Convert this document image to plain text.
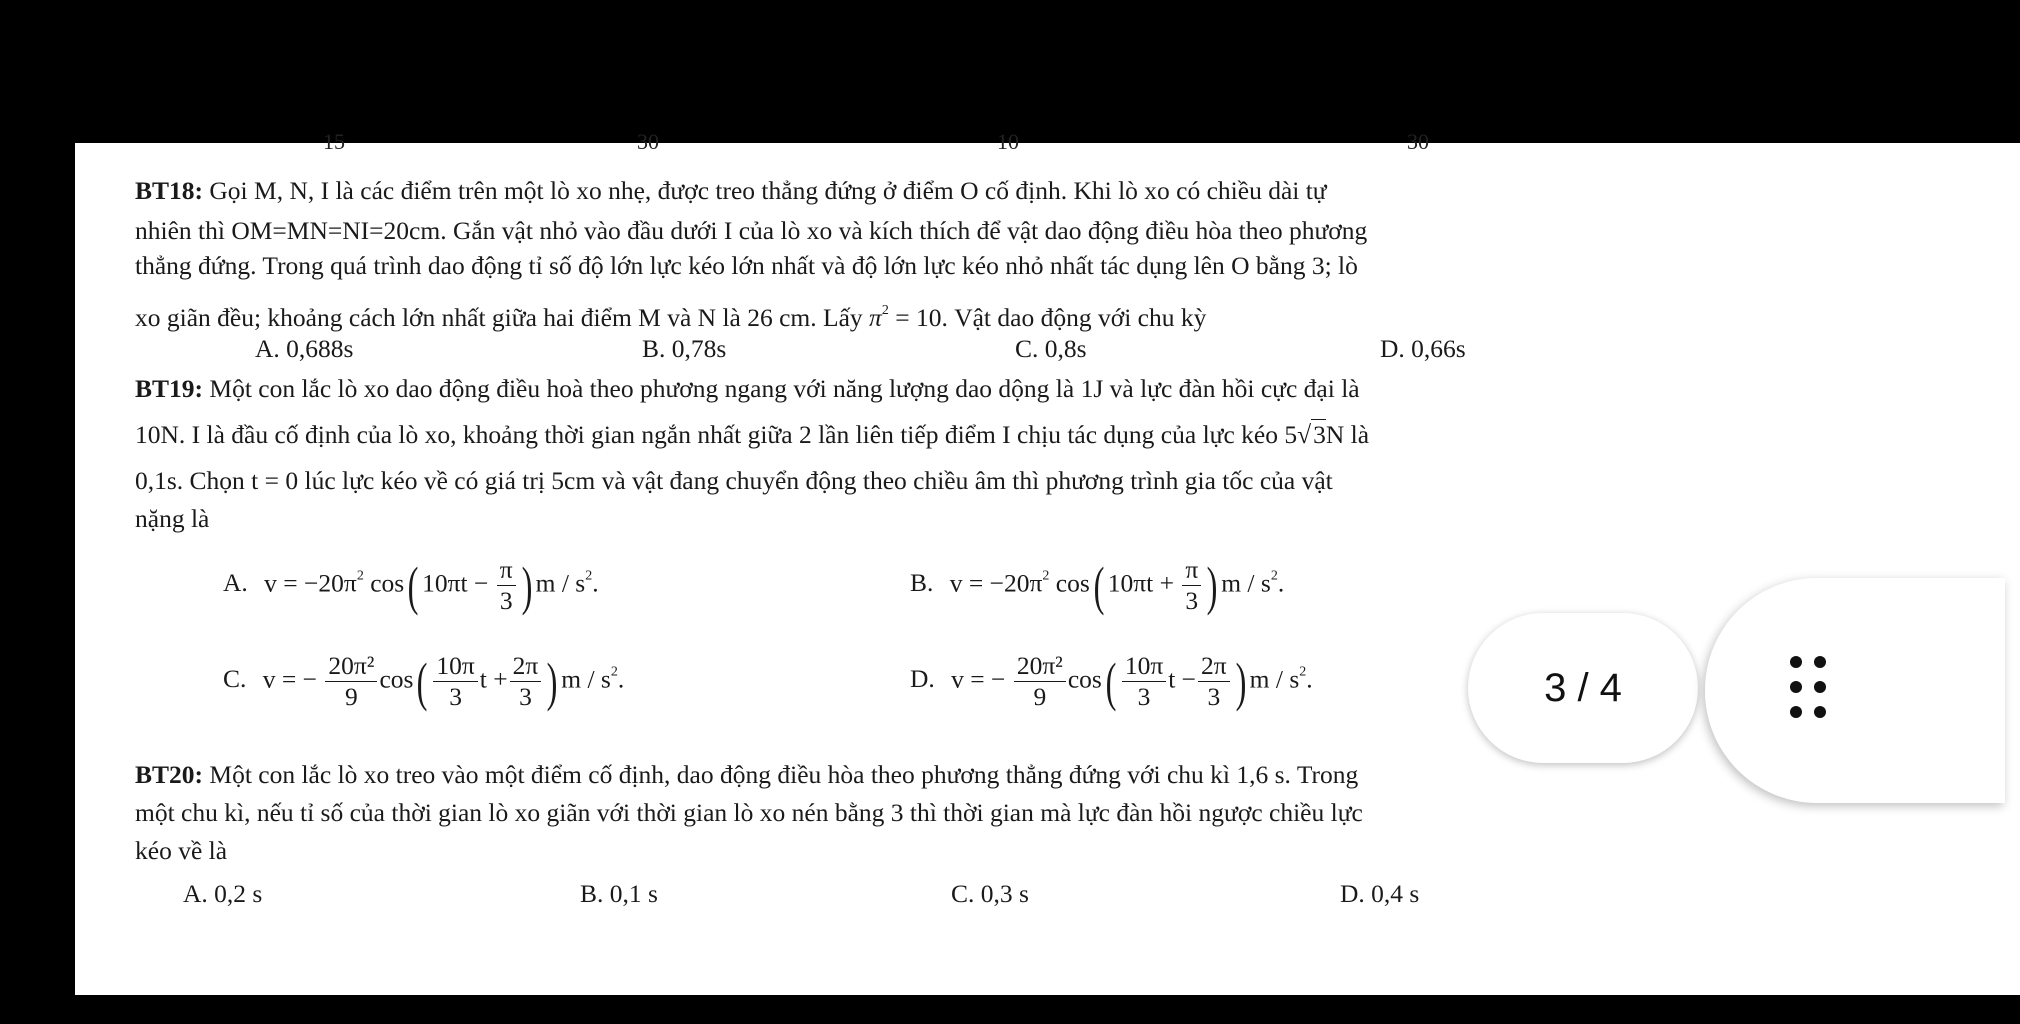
15	30	10	30
BT18: Gọi M, N, I là các điểm trên một lò xo nhẹ, được treo thẳng đứng ở điểm O cố định. Khi lò xo có chiều dài tự
nhiên thì OM=MN=NI=20cm. Gắn vật nhỏ vào đầu dưới I của lò xo và kích thích để vật dao động điều hòa theo phương
thẳng đứng. Trong quá trình dao động tỉ số độ lớn lực kéo lớn nhất và độ lớn lực kéo nhỏ nhất tác dụng lên O bằng 3; lò
xo giãn đều; khoảng cách lớn nhất giữa hai điểm M và N là 26 cm. Lấy $\pi^2 = 10$. Vật dao động với chu kỳ
A. 0,688s	B. 0,78s	C. 0,8s	D. 0,66s
BT19: Một con lắc lò xo dao động điều hoà theo phương ngang với năng lượng dao dộng là 1J và lực đàn hồi cực đại là
10N. I là đầu cố định của lò xo, khoảng thời gian ngắn nhất giữa 2 lần liên tiếp điểm I chịu tác dụng của lực kéo 5√3N là
0,1s. Chọn t = 0 lúc lực kéo về có giá trị 5cm và vật đang chuyển động theo chiều âm thì phương trình gia tốc của vật
nặng là
A. $v = -20\pi^2$ cos( $10\pi t - \frac{\pi}{3}$ ) m / $s^2$.	B. $v = -20\pi^2$ cos( $10\pi t + \frac{\pi}{3}$ ) m / $s^2$.
C. v = − $\frac{\text{20π²}}{9} \cos( \frac{10\pi}{3}$ $t + \frac{2\pi}{3}$ ) m / $s^2$.	D. v = − $\frac{\text{20π²}}{9} \cos( \frac{10\pi}{3}$ $t - \frac{2\pi}{3}$ ) m / $s^2$.
BT20: Một con lắc lò xo treo vào một điểm cố định, dao động điều hòa theo phương thẳng đứng với chu kì 1,6 s. Trong
một chu kì, nếu tỉ số của thời gian lò xo giãn với thời gian lò xo nén bằng 3 thì thời gian mà lực đàn hồi ngược chiều lực
kéo về là
A. 0,2 s	B. 0,1 s	C. 0,3 s	D. 0,4 s
3 / 4
